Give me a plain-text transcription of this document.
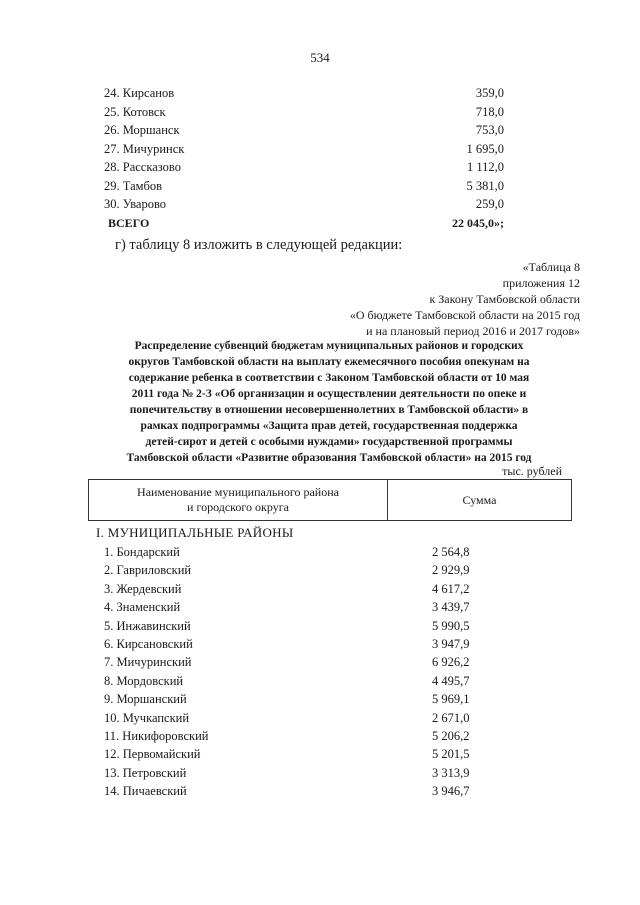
534
24. Кирсанов	359,0
25. Котовск	718,0
26. Моршанск	753,0
27. Мичуринск	1 695,0
28. Рассказово	1 112,0
29. Тамбов	5 381,0
30. Уварово	259,0
ВСЕГО	22 045,0»;
г) таблицу 8 изложить в следующей редакции:
«Таблица 8
приложения 12
к Закону Тамбовской области
«О бюджете Тамбовской области на 2015 год
и на плановый период 2016 и 2017 годов»
Распределение субвенций бюджетам муниципальных районов и городских
округов Тамбовской области на выплату ежемесячного пособия опекунам на
содержание ребенка в соответствии с Законом Тамбовской области от 10 мая
2011 года № 2-З «Об организации и осуществлении деятельности по опеке и
попечительству в отношении несовершеннолетних в Тамбовской области» в
рамках подпрограммы «Защита прав детей, государственная поддержка
детей-сирот и детей с особыми нуждами» государственной программы
Тамбовской области «Развитие образования Тамбовской области» на 2015 год
тыс. рублей
Наименование муниципального района
и городского округа
Сумма
I. МУНИЦИПАЛЬНЫЕ РАЙОНЫ
1. Бондарский	2 564,8
2. Гавриловский	2 929,9
3. Жердевский	4 617,2
4. Знаменский	3 439,7
5. Инжавинский	5 990,5
6. Кирсановский	3 947,9
7. Мичуринский	6 926,2
8. Мордовский	4 495,7
9. Моршанский	5 969,1
10. Мучкапский	2 671,0
11. Никифоровский	5 206,2
12. Первомайский	5 201,5
13. Петровский	3 313,9
14. Пичаевский	3 946,7
